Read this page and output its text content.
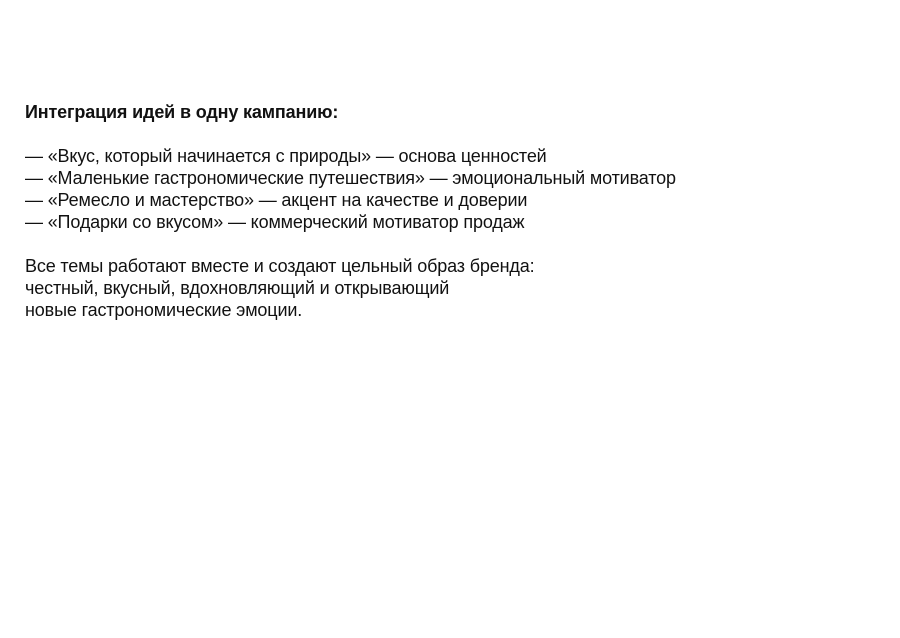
Интеграция идей в одну кампанию:
— «Вкус, который начинается с природы» — основа ценностей
— «Маленькие гастрономические путешествия» — эмоциональный мотиватор
— «Ремесло и мастерство» — акцент на качестве и доверии
— «Подарки со вкусом» — коммерческий мотиватор продаж

Все темы работают вместе и создают цельный образ бренда:
честный, вкусный, вдохновляющий и открывающий
новые гастрономические эмоции.
